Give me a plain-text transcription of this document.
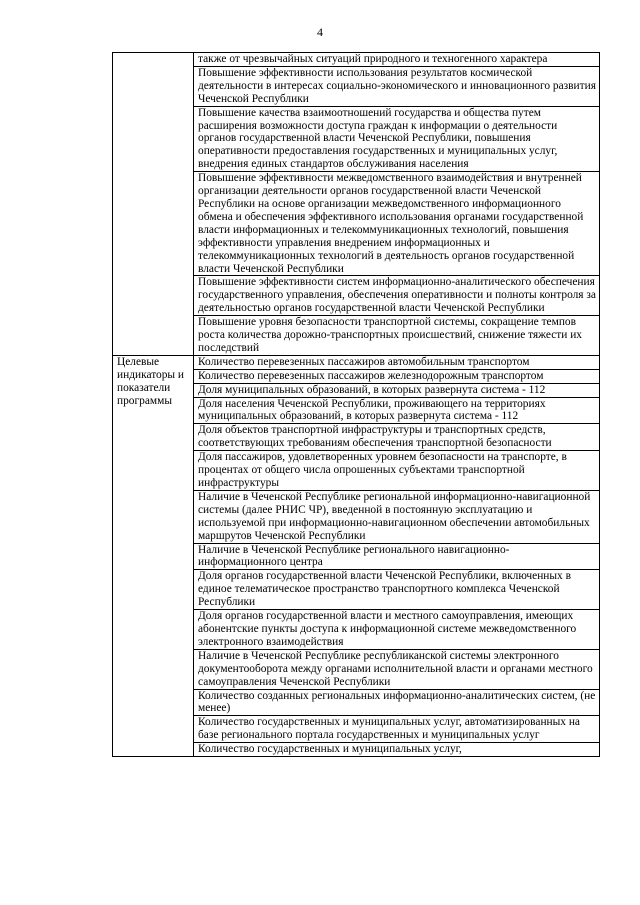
4
	также от чрезвычайных ситуаций природного и техногенного характера
	Повышение эффективности использования результатов космической деятельности в интересах социально-экономического и инновационного развития Чеченской Республики
	Повышение качества взаимоотношений государства и общества путем расширения возможности доступа граждан к информации о деятельности органов государственной власти Чеченской Республики, повышения оперативности предоставления государственных и муниципальных услуг, внедрения единых стандартов обслуживания населения
	Повышение эффективности межведомственного взаимодействия и внутренней организации деятельности органов государственной власти Чеченской Республики на основе организации межведомственного информационного обмена и обеспечения эффективного использования органами государственной власти информационных и телекоммуникационных технологий, повышения эффективности управления внедрением информационных и телекоммуникационных технологий в деятельность органов государственной власти Чеченской Республики
	Повышение эффективности систем информационно-аналитического обеспечения государственного управления, обеспечения оперативности и полноты контроля за деятельностью органов государственной власти Чеченской Республики
	Повышение уровня безопасности транспортной системы, сокращение темпов роста количества дорожно-транспортных происшествий, снижение тяжести их последствий
Целевые индикаторы и показатели программы	Количество перевезенных пассажиров автомобильным транспортом
	Количество перевезенных пассажиров железнодорожным транспортом
	Доля муниципальных образований, в которых развернута система - 112
	Доля населения Чеченской Республики, проживающего на территориях муниципальных образований, в которых развернута система - 112
	Доля объектов транспортной инфраструктуры и транспортных средств, соответствующих требованиям обеспечения транспортной безопасности
	Доля пассажиров, удовлетворенных уровнем безопасности на транспорте, в процентах от общего числа опрошенных субъектами транспортной инфраструктуры
	Наличие в Чеченской Республике региональной информационно-навигационной системы (далее РНИС ЧР), введенной в постоянную эксплуатацию и используемой при информационно-навигационном обеспечении автомобильных маршрутов Чеченской Республики
	Наличие в Чеченской Республике регионального навигационно-информационного центра
	Доля органов государственной власти Чеченской Республики, включенных в единое телематическое пространство транспортного комплекса Чеченской Республики
	Доля органов государственной власти и местного самоуправления, имеющих абонентские пункты доступа к информационной системе межведомственного электронного взаимодействия
	Наличие в Чеченской Республике республиканской системы электронного документооборота между органами исполнительной власти и органами местного самоуправления Чеченской Республики
	Количество созданных региональных информационно-аналитических систем, (не менее)
	Количество государственных и муниципальных услуг, автоматизированных на базе регионального портала государственных и муниципальных услуг
	Количество государственных и муниципальных услуг,
